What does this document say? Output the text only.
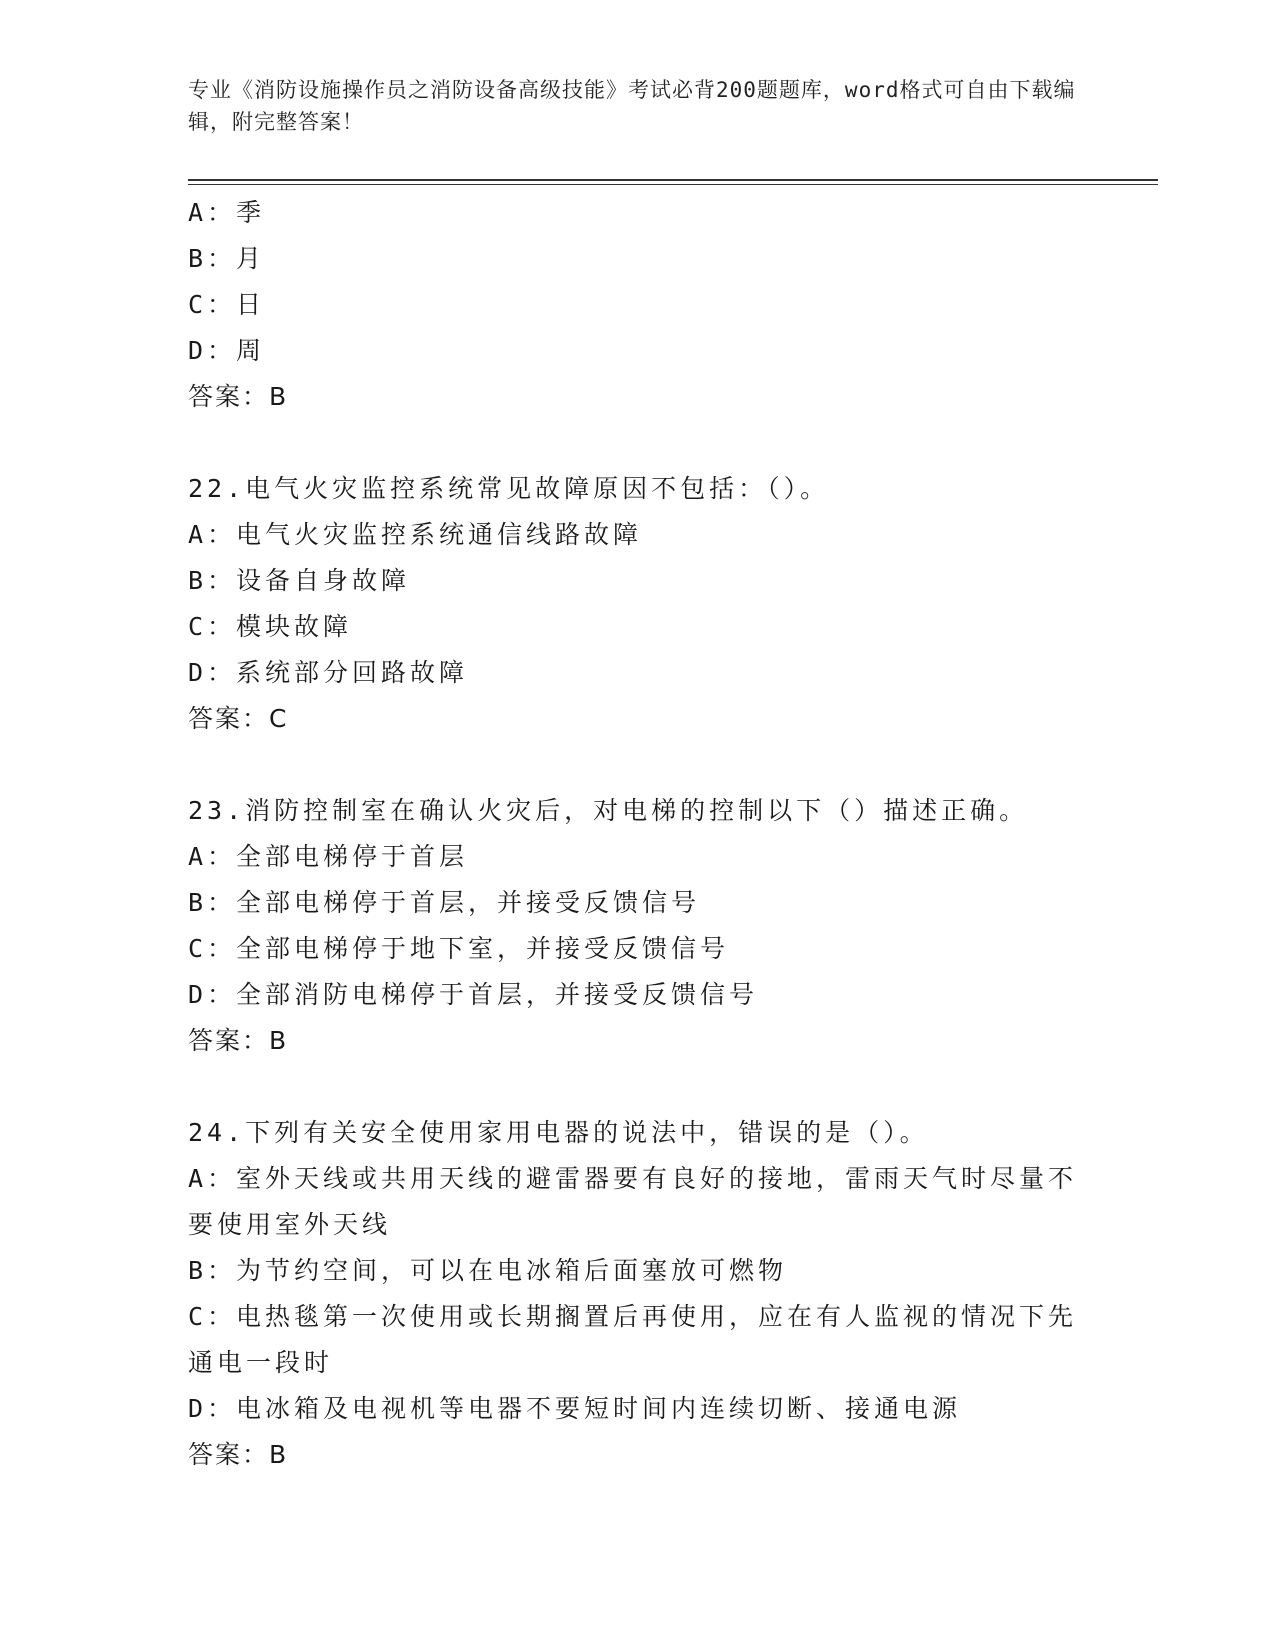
专业《消防设施操作员之消防设备高级技能》考试必背200题题库，word格式可自由下载编辑，附完整答案！

A：季

B：月

C：日

D：周

答案：B

22.电气火灾监控系统常见故障原因不包括：（）。

A：电气火灾监控系统通信线路故障

B：设备自身故障

C：模块故障

D：系统部分回路故障

答案：C

23.消防控制室在确认火灾后，对电梯的控制以下（）描述正确。

A：全部电梯停于首层

B：全部电梯停于首层，并接受反馈信号

C：全部电梯停于地下室，并接受反馈信号

D：全部消防电梯停于首层，并接受反馈信号

答案：B

24.下列有关安全使用家用电器的说法中，错误的是（）。

A：室外天线或共用天线的避雷器要有良好的接地，雷雨天气时尽量不要使用室外天线

B：为节约空间，可以在电冰箱后面塞放可燃物

C：电热毯第一次使用或长期搁置后再使用，应在有人监视的情况下先通电一段时

D：电冰箱及电视机等电器不要短时间内连续切断、接通电源

答案：B
